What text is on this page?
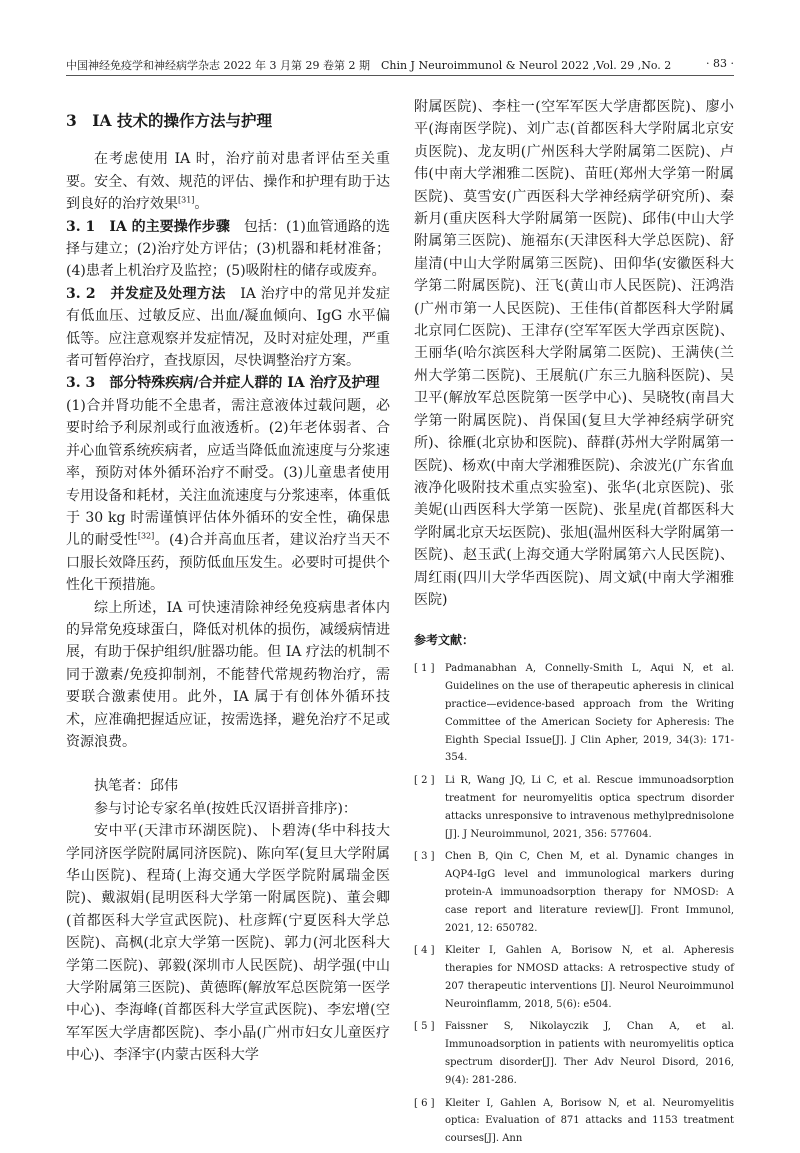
中国神经免疫学和神经病学杂志 2022 年 3 月第 29 卷第 2 期　Chin J Neuroimmunol & Neurol 2022 ,Vol. 29 ,No. 2	· 83 ·
3　IA 技术的操作方法与护理

在考虑使用 IA 时，治疗前对患者评估至关重要。安全、有效、规范的评估、操作和护理有助于达到良好的治疗效果[31]。

3. 1　IA 的主要操作步骤　包括：(1)血管通路的选择与建立；(2)治疗处方评估；(3)机器和耗材准备；(4)患者上机治疗及监控；(5)吸附柱的储存或废弃。

3. 2　并发症及处理方法　IA 治疗中的常见并发症有低血压、过敏反应、出血/凝血倾向、IgG 水平偏低等。应注意观察并发症情况，及时对症处理，严重者可暂停治疗，查找原因，尽快调整治疗方案。

3. 3　部分特殊疾病/合并症人群的 IA 治疗及护理　(1)合并肾功能不全患者，需注意液体过载问题，必要时给予利尿剂或行血液透析。(2)年老体弱者、合并心血管系统疾病者，应适当降低血流速度与分浆速率，预防对体外循环治疗不耐受。(3)儿童患者使用专用设备和耗材，关注血流速度与分浆速率，体重低于 30 kg 时需谨慎评估体外循环的安全性，确保患儿的耐受性[32]。(4)合并高血压者，建议治疗当天不口服长效降压药，预防低血压发生。必要时可提供个性化干预措施。

综上所述，IA 可快速清除神经免疫病患者体内的异常免疫球蛋白，降低对机体的损伤，减缓病情进展，有助于保护组织/脏器功能。但 IA 疗法的机制不同于激素/免疫抑制剂，不能替代常规药物治疗，需要联合激素使用。此外，IA 属于有创体外循环技术，应准确把握适应证，按需选择，避免治疗不足或资源浪费。

执笔者：邱伟

参与讨论专家名单(按姓氏汉语拼音排序)：

安中平(天津市环湖医院)、卜碧涛(华中科技大学同济医学院附属同济医院)、陈向军(复旦大学附属华山医院)、程琦(上海交通大学医学院附属瑞金医院)、戴淑娟(昆明医科大学第一附属医院)、董会卿(首都医科大学宣武医院)、杜彦辉(宁夏医科大学总医院)、高枫(北京大学第一医院)、郭力(河北医科大学第二医院)、郭毅(深圳市人民医院)、胡学强(中山大学附属第三医院)、黄德晖(解放军总医院第一医学中心)、李海峰(首都医科大学宣武医院)、李宏增(空军军医大学唐都医院)、李小晶(广州市妇女儿童医疗中心)、李泽宇(内蒙古医科大学

附属医院)、李柱一(空军军医大学唐都医院)、廖小平(海南医学院)、刘广志(首都医科大学附属北京安贞医院)、龙友明(广州医科大学附属第二医院)、卢伟(中南大学湘雅二医院)、苗旺(郑州大学第一附属医院)、莫雪安(广西医科大学神经病学研究所)、秦新月(重庆医科大学附属第一医院)、邱伟(中山大学附属第三医院)、施福东(天津医科大学总医院)、舒崖清(中山大学附属第三医院)、田仰华(安徽医科大学第二附属医院)、汪飞(黄山市人民医院)、汪鸿浩(广州市第一人民医院)、王佳伟(首都医科大学附属北京同仁医院)、王津存(空军军医大学西京医院)、王丽华(哈尔滨医科大学附属第二医院)、王满侠(兰州大学第二医院)、王展航(广东三九脑科医院)、吴卫平(解放军总医院第一医学中心)、吴晓牧(南昌大学第一附属医院)、肖保国(复旦大学神经病学研究所)、徐雁(北京协和医院)、薛群(苏州大学附属第一医院)、杨欢(中南大学湘雅医院)、余波光(广东省血液净化吸附技术重点实验室)、张华(北京医院)、张美妮(山西医科大学第一医院)、张星虎(首都医科大学附属北京天坛医院)、张旭(温州医科大学附属第一医院)、赵玉武(上海交通大学附属第六人民医院)、周红雨(四川大学华西医院)、周文斌(中南大学湘雅医院)

参考文献：
[ 1 ] Padmanabhan A, Connelly-Smith L, Aqui N, et al. Guidelines on the use of therapeutic apheresis in clinical practice—evidence-based approach from the Writing Committee of the American Society for Apheresis: The Eighth Special Issue[J]. J Clin Apher, 2019, 34(3): 171-354.
[ 2 ] Li R, Wang JQ, Li C, et al. Rescue immunoadsorption treatment for neuromyelitis optica spectrum disorder attacks unresponsive to intravenous methylprednisolone [J]. J Neuroimmunol, 2021, 356: 577604.
[ 3 ] Chen B, Qin C, Chen M, et al. Dynamic changes in AQP4-IgG level and immunological markers during protein-A immunoadsorption therapy for NMOSD: A case report and literature review[J]. Front Immunol, 2021, 12: 650782.
[ 4 ] Kleiter I, Gahlen A, Borisow N, et al. Apheresis therapies for NMOSD attacks: A retrospective study of 207 therapeutic interventions [J]. Neurol Neuroimmunol Neuroinflamm, 2018, 5(6): e504.
[ 5 ] Faissner S, Nikolayczik J, Chan A, et al. Immunoadsorption in patients with neuromyelitis optica spectrum disorder[J]. Ther Adv Neurol Disord, 2016, 9(4): 281-286.
[ 6 ] Kleiter I, Gahlen A, Borisow N, et al. Neuromyelitis optica: Evaluation of 871 attacks and 1153 treatment courses[J]. Ann
